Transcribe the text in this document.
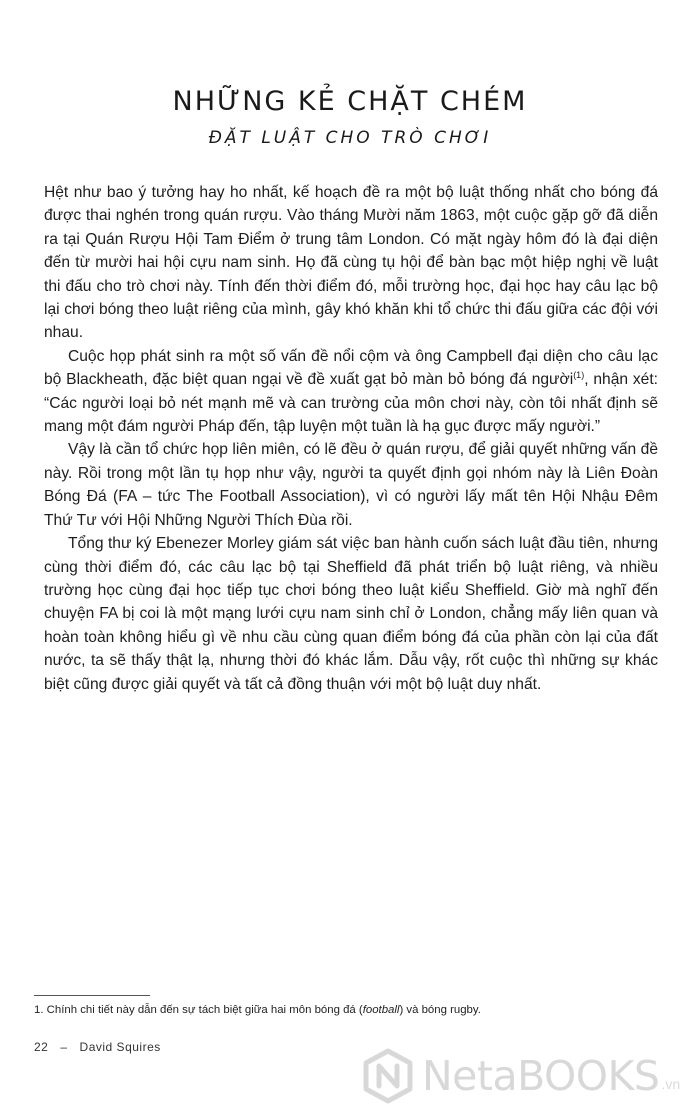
NHỮNG KẺ CHẶT CHÉM
ĐẶT LUẬT CHO TRÒ CHƠI

Hệt như bao ý tưởng hay ho nhất, kế hoạch đề ra một bộ luật thống nhất cho bóng đá được thai nghén trong quán rượu. Vào tháng Mười năm 1863, một cuộc gặp gỡ đã diễn ra tại Quán Rượu Hội Tam Điểm ở trung tâm London. Có mặt ngày hôm đó là đại diện đến từ mười hai hội cựu nam sinh. Họ đã cùng tụ hội để bàn bạc một hiệp nghị về luật thi đấu cho trò chơi này. Tính đến thời điểm đó, mỗi trường học, đại học hay câu lạc bộ lại chơi bóng theo luật riêng của mình, gây khó khăn khi tổ chức thi đấu giữa các đội với nhau.

Cuộc họp phát sinh ra một số vấn đề nổi cộm và ông Campbell đại diện cho câu lạc bộ Blackheath, đặc biệt quan ngại về đề xuất gạt bỏ màn bỏ bóng đá người$^{(1)}$, nhận xét: “Các người loại bỏ nét mạnh mẽ và can trường của môn chơi này, còn tôi nhất định sẽ mang một đám người Pháp đến, tập luyện một tuần là hạ gục được mấy người.”

Vậy là cần tổ chức họp liên miên, có lẽ đều ở quán rượu, để giải quyết những vấn đề này. Rồi trong một lần tụ họp như vậy, người ta quyết định gọi nhóm này là Liên Đoàn Bóng Đá (FA – tức The Football Association), vì có người lấy mất tên Hội Nhậu Đêm Thứ Tư với Hội Những Người Thích Đùa rồi.

Tổng thư ký Ebenezer Morley giám sát việc ban hành cuốn sách luật đầu tiên, nhưng cùng thời điểm đó, các câu lạc bộ tại Sheffield đã phát triển bộ luật riêng, và nhiều trường học cùng đại học tiếp tục chơi bóng theo luật kiểu Sheffield. Giờ mà nghĩ đến chuyện FA bị coi là một mạng lưới cựu nam sinh chỉ ở London, chẳng mấy liên quan và hoàn toàn không hiểu gì về nhu cầu cùng quan điểm bóng đá của phần còn lại của đất nước, ta sẽ thấy thật lạ, nhưng thời đó khác lắm. Dẫu vậy, rốt cuộc thì những sự khác biệt cũng được giải quyết và tất cả đồng thuận với một bộ luật duy nhất.

1. Chính chi tiết này dẫn đến sự tách biệt giữa hai môn bóng đá (football) và bóng rugby.
22 – David Squires
NetaBOOKS .vn
